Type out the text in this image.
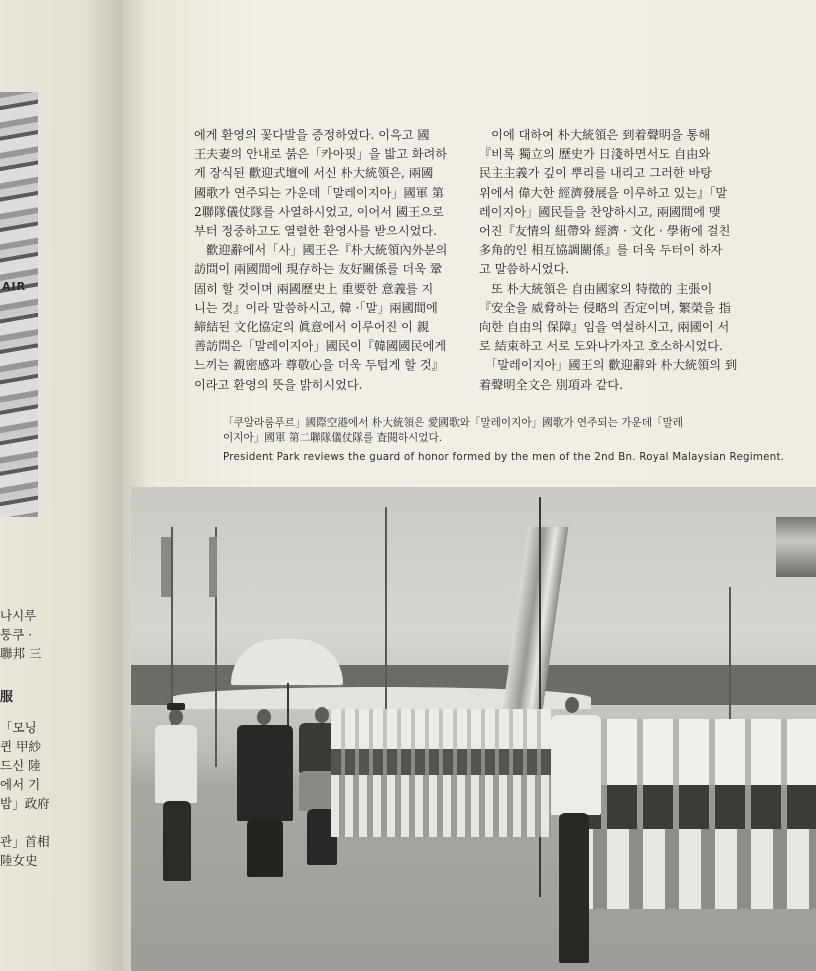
AIR
나시루
퉁쿠 ·
聯邦 三
服
「모닝
퀸 甲紗
드신 陸
에서 기
밤」政府
관」首相
陸女史

에게 환영의 꽃다발을 증정하였다. 이윽고 國

王夫妻의 안내로 붉은「카아핏」을 밟고 화려하

게 장식된 歡迎式壇에 서신 朴大統領은, 兩國

國歌가 연주되는 가운데「말레이지아」國軍 第

2聯隊儀仗隊를 사열하시었고, 이어서 國王으로

부터 정중하고도 열렬한 환영사를 받으시었다.

　歡迎辭에서「사」國王은『朴大統領內外분의

訪問이 兩國間에 現存하는 友好關係를 더욱 鞏

固히 할 것이며 兩國歷史上 重要한 意義를 지

니는 것』이라 말씀하시고, 韓 ·「말」兩國間에

締結된 文化協定의 眞意에서 이루어진 이 親

善訪問은「말레이지아」國民이『韓國國民에게

느끼는 親密感과 尊敬心을 더욱 두텁게 할 것』

이라고 환영의 뜻을 밝히시었다.

　이에 대하여 朴大統領은 到着聲明을 통해

『비록 獨立의 歷史가 日淺하면서도 自由와

民主主義가 깊이 뿌리를 내리고 그러한 바탕

위에서 偉大한 經濟發展을 이루하고 있는』「말

레이지아」國民들을 찬양하시고, 兩國間에 맺

어진『友情의 紐帶와 經濟 · 文化 · 學術에 걸친

多角的인 相互協調關係』를 더욱 두터이 하자

고 말씀하시었다.

　또 朴大統領은 自由國家의 特徵的 主張이

『安全을 威脅하는 侵略의 否定이며, 繁榮을 指

向한 自由의 保障』임을 역설하시고, 兩國이 서

로 結束하고 서로 도와나가자고 호소하시었다.

　「말레이지아」國王의 歡迎辭와 朴大統領의 到

着聲明全文은 別項과 같다.

「쿠알라룸푸르」國際空港에서 朴大統領은 愛國歌와「말레이지아」國歌가 연주되는 가운데「말레

이지아」國軍 第二聯隊儀仗隊를 査閱하시었다.

President Park reviews the guard of honor formed by the men of the 2nd Bn. Royal Malaysian Regiment.
